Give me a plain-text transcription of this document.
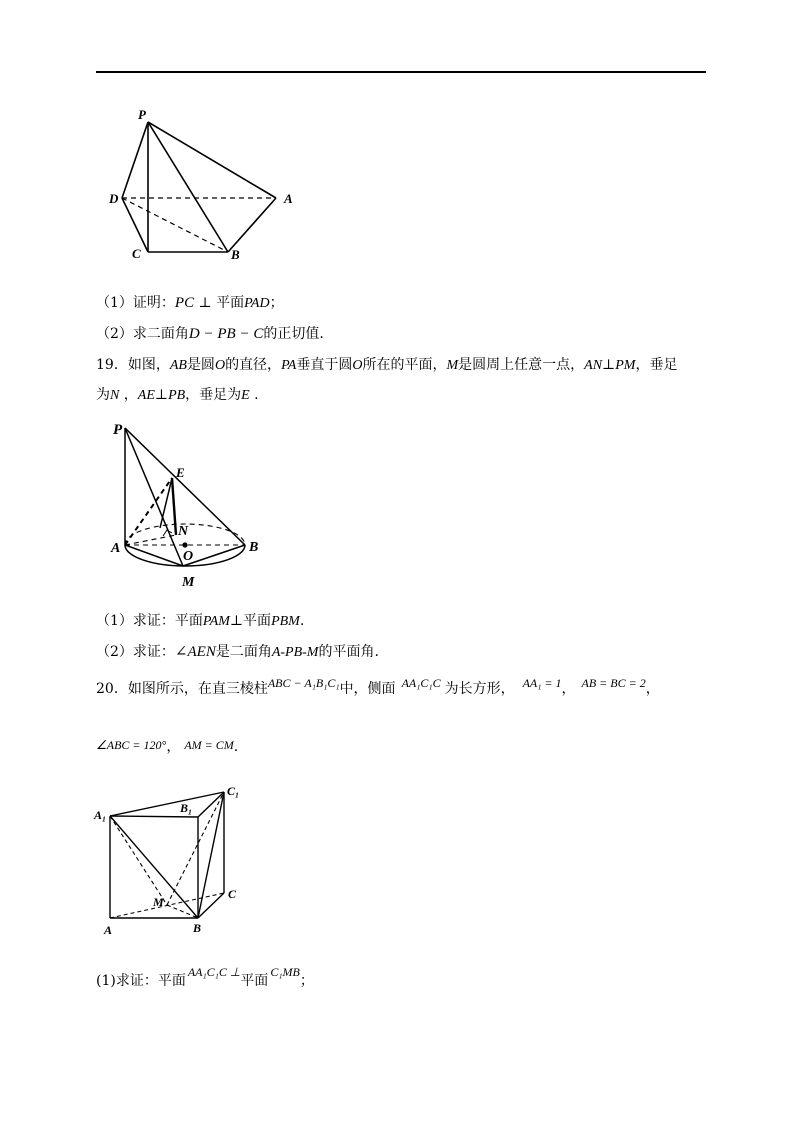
P
D	A
C	B
（1）证明：PC ⊥ 平面PAD；
（2）求二面角D − PB − C的正切值.
19．如图，AB是圆O的直径，PA垂直于圆O所在的平面，M是圆周上任意一点，AN⊥PM，垂足
为N ，AE⊥PB，垂足为E .
P
E
N
A
O
B
M
（1）求证：平面PAM⊥平面PBM.
（2）求证：∠AEN是二面角A-PB-M的平面角.
20．如图所示，在直三棱柱ABC − A₁B₁C₁中，侧面 AA₁C₁C 为长方形， AA₁ = 1， AB = BC = 2，
∠ABC = 120°， AM = CM.
C₁
A₁	B₁
M
C
A	B
(1)求证：平面AA₁C₁C ⊥平面C₁MB；
